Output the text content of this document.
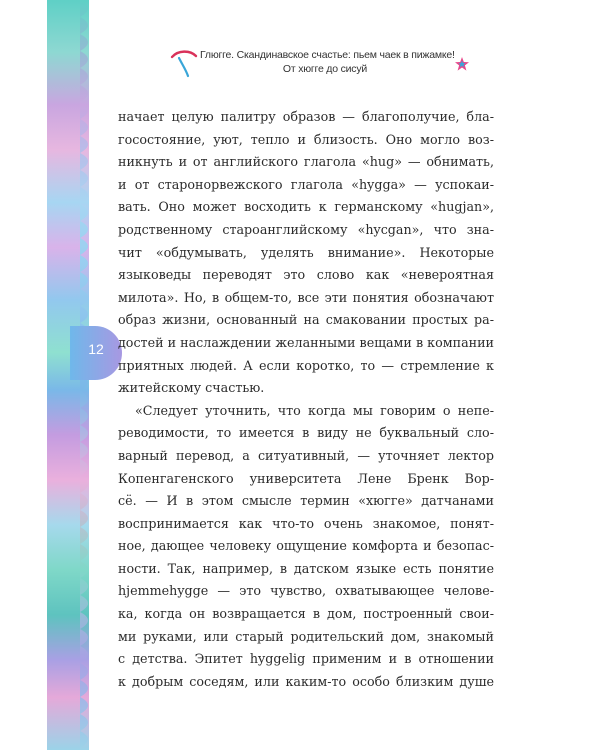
12
Глюгге. Скандинавское счастье: пьем чаек в пижамке!
От хюгге до сисуй
начает целую палитру образов — благополучие, бла-
госостояние, уют, тепло и близость. Оно могло воз-
никнуть и от английского глагола «hug» — обнимать,
и от старонорвежского глагола «hygga» — успокаи-
вать. Оно может восходить к германскому «hugjan»,
родственному староанглийскому «hycgan», что зна-
чит «обдумывать, уделять внимание». Некоторые
языковеды переводят это слово как «невероятная
милота». Но, в общем-то, все эти понятия обозначают
образ жизни, основанный на смаковании простых ра-
достей и наслаждении желанными вещами в компании
приятных людей. А если коротко, то — стремление к
житейскому счастью.
«Следует уточнить, что когда мы говорим о непе-
реводимости, то имеется в виду не буквальный сло-
варный перевод, а ситуативный, — уточняет лектор
Копенгагенского университета Лене Бренк Вор-
сё. — И в этом смысле термин «хюгге» датчанами
воспринимается как что-то очень знакомое, понят-
ное, дающее человеку ощущение комфорта и безопас-
ности. Так, например, в датском языке есть понятие
hjemmehygge — это чувство, охватывающее челове-
ка, когда он возвращается в дом, построенный свои-
ми руками, или старый родительский дом, знакомый
с детства. Эпитет hyggelig применим и в отношении
к добрым соседям, или каким-то особо близким душе
